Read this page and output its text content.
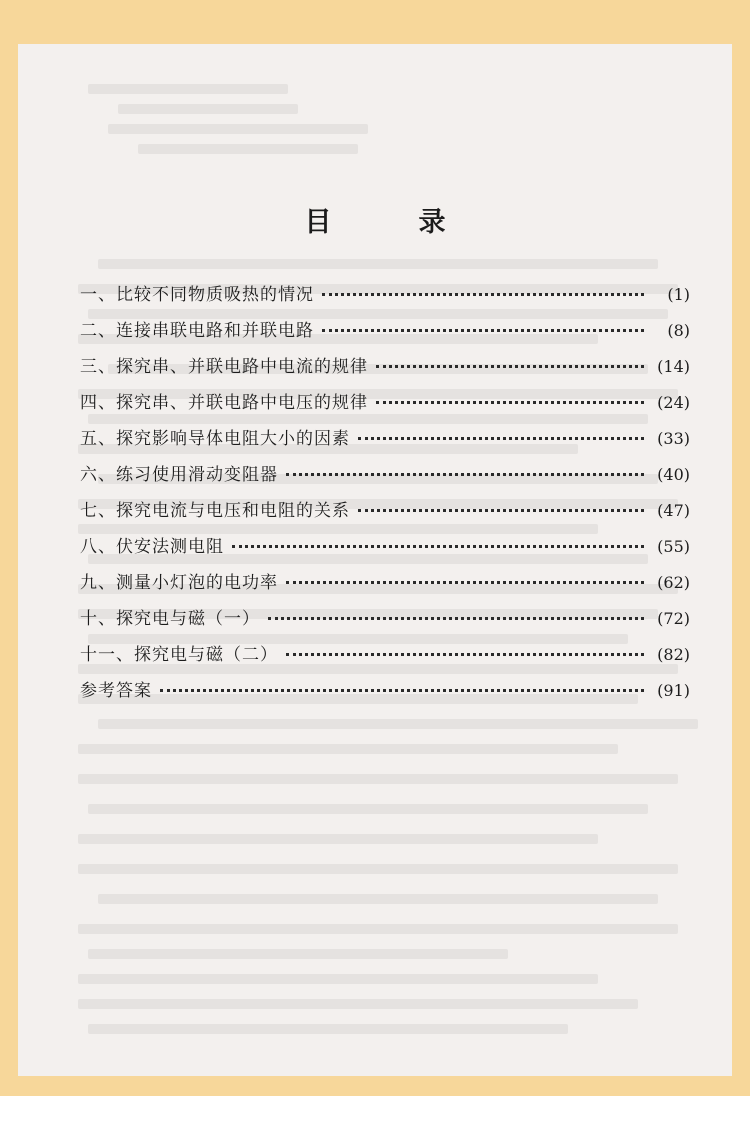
目　录
一、比较不同物质吸热的情况	(1)
二、连接串联电路和并联电路	(8)
三、探究串、并联电路中电流的规律	(14)
四、探究串、并联电路中电压的规律	(24)
五、探究影响导体电阻大小的因素	(33)
六、练习使用滑动变阻器	(40)
七、探究电流与电压和电阻的关系	(47)
八、伏安法测电阻	(55)
九、测量小灯泡的电功率	(62)
十、探究电与磁（一）	(72)
十一、探究电与磁（二）	(82)
参考答案	(91)
